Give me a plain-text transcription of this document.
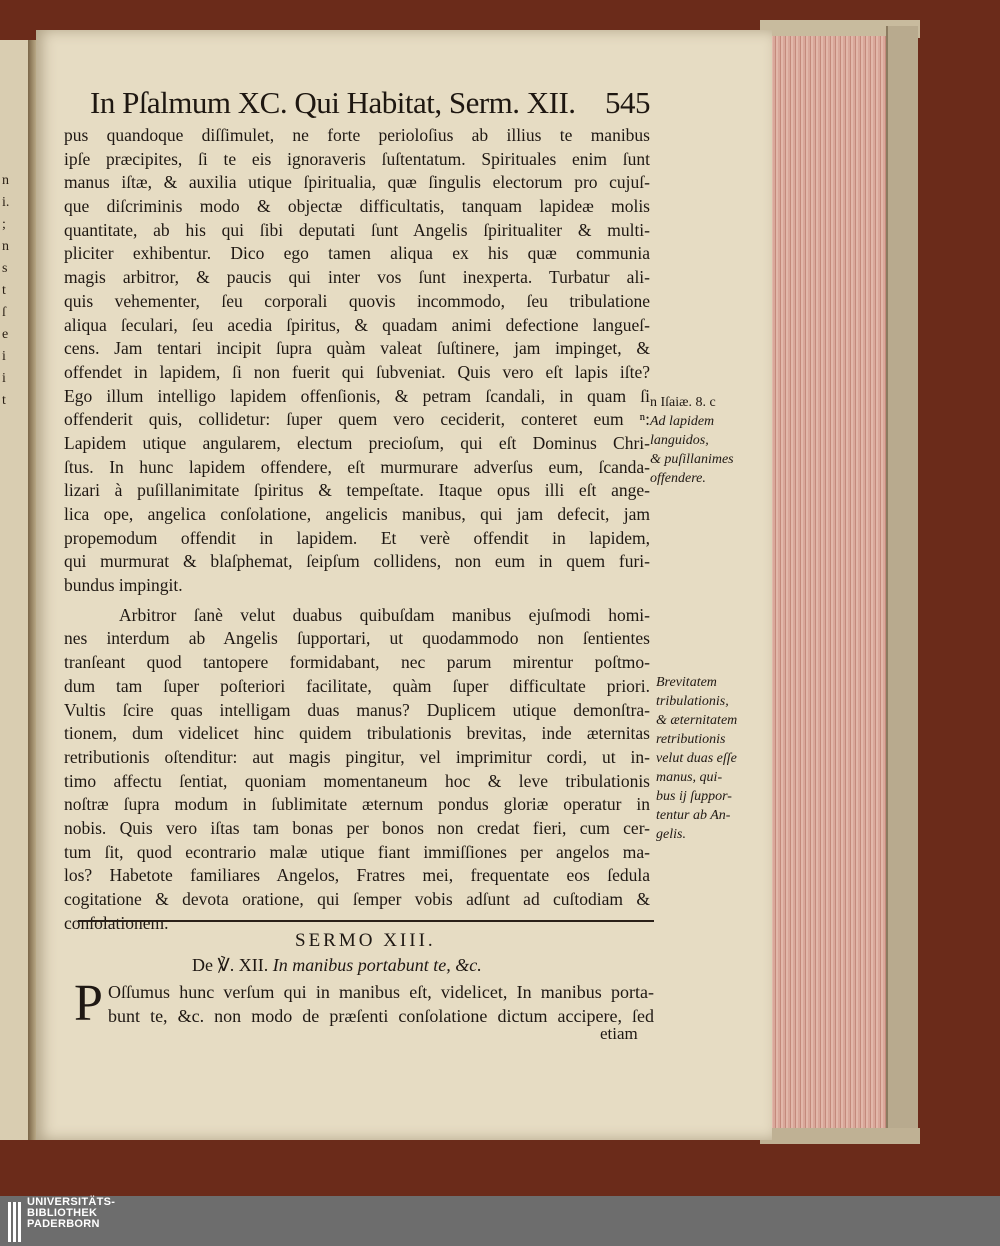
n
i.
;
n
s
t
ſ
e
i
i
t
In Pſalmum XC. Qui Habitat, Serm. XII. 545
pus quandoque diſſimulet, ne forte perioloſius ab illius te manibus
ipſe præcipites, ſi te eis ignoraveris ſuſtentatum. Spirituales enim ſunt
manus iſtæ, & auxilia utique ſpiritualia, quæ ſingulis electorum pro cujuſ-
que diſcriminis modo & objectæ difficultatis, tanquam lapideæ molis
quantitate, ab his qui ſibi deputati ſunt Angelis ſpiritualiter & multi-
pliciter exhibentur. Dico ego tamen aliqua ex his quæ communia
magis arbitror, & paucis qui inter vos ſunt inexperta. Turbatur ali-
quis vehementer, ſeu corporali quovis incommodo, ſeu tribulatione
aliqua ſeculari, ſeu acedia ſpiritus, & quadam animi defectione langueſ-
cens. Jam tentari incipit ſupra quàm valeat ſuſtinere, jam impinget, &
offendet in lapidem, ſi non fuerit qui ſubveniat. Quis vero eſt lapis iſte?
Ego illum intelligo lapidem offenſionis, & petram ſcandali, in quam ſi
offenderit quis, collidetur: ſuper quem vero ceciderit, conteret eum ⁿ:
Lapidem utique angularem, electum precioſum, qui eſt Dominus Chri-
ſtus. In hunc lapidem offendere, eſt murmurare adverſus eum, ſcanda-
lizari à puſillanimitate ſpiritus & tempeſtate. Itaque opus illi eſt ange-
lica ope, angelica conſolatione, angelicis manibus, qui jam defecit, jam
propemodum offendit in lapidem. Et verè offendit in lapidem,
qui murmurat & blaſphemat, ſeipſum collidens, non eum in quem furi-
bundus impingit.
Arbitror ſanè velut duabus quibuſdam manibus ejuſmodi homi-
nes interdum ab Angelis ſupportari, ut quodammodo non ſentientes
tranſeant quod tantopere formidabant, nec parum mirentur poſtmo-
dum tam ſuper poſteriori facilitate, quàm ſuper difficultate priori.
Vultis ſcire quas intelligam duas manus? Duplicem utique demonſtra-
tionem, dum videlicet hinc quidem tribulationis brevitas, inde æternitas
retributionis oſtenditur: aut magis pingitur, vel imprimitur cordi, ut in-
timo affectu ſentiat, quoniam momentaneum hoc & leve tribulationis
noſtræ ſupra modum in ſublimitate æternum pondus gloriæ operatur in
nobis. Quis vero iſtas tam bonas per bonos non credat fieri, cum cer-
tum ſit, quod econtrario malæ utique fiant immiſſiones per angelos ma-
los? Habetote familiares Angelos, Fratres mei, frequentate eos ſedula
cogitatione & devota oratione, qui ſemper vobis adſunt ad cuſtodiam &
conſolationem.
n Iſaiæ. 8. c
Ad lapidem
languidos,
& puſillanimes
offendere.
Brevitatem
tribulationis,
& æternitatem
retributionis
velut duas eſſe
manus, qui-
bus ij ſuppor-
tentur ab An-
gelis.
SERMO XIII.
De ℣. XII. In manibus portabunt te, &c.
P Oſſumus hunc verſum qui in manibus eſt, videlicet, In manibus porta-
bunt te, &c. non modo de præſenti conſolatione dictum accipere, ſed
etiam
UNIVERSITÄTS-
BIBLIOTHEK
PADERBORN
